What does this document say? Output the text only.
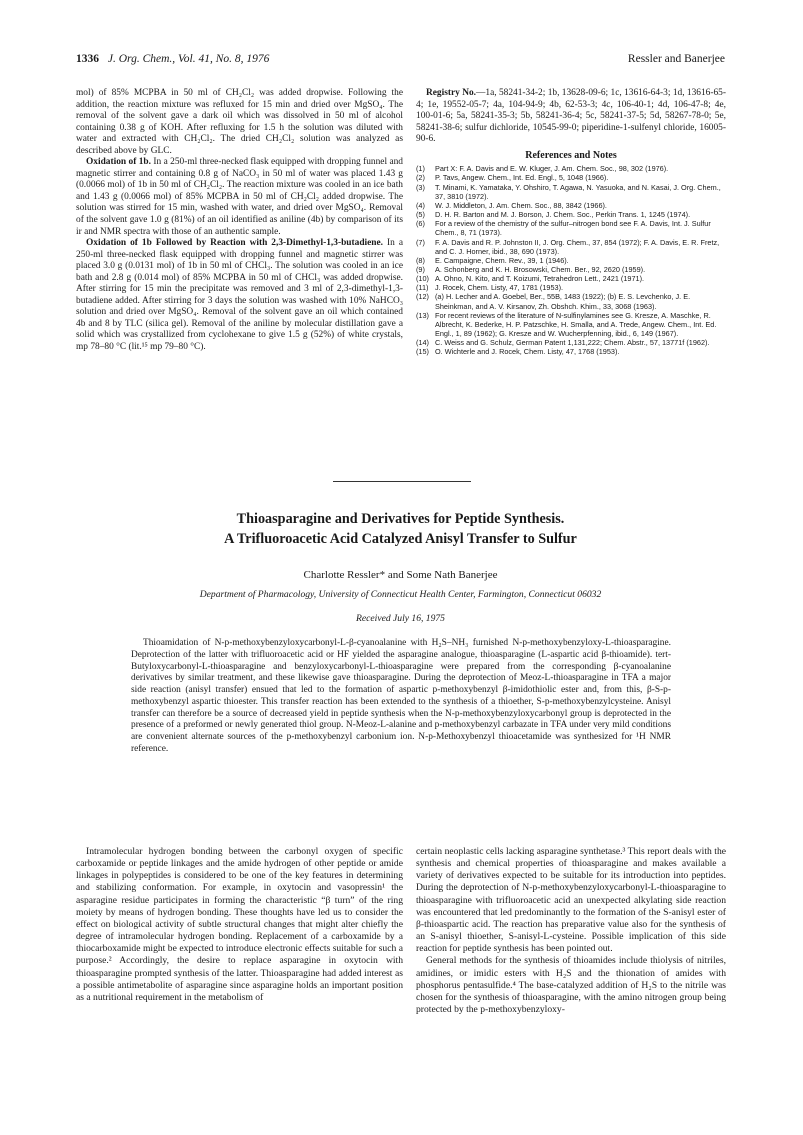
1336 J. Org. Chem., Vol. 41, No. 8, 1976	Ressler and Banerjee

mol) of 85% MCPBA in 50 ml of CH₂Cl₂ was added dropwise. Following the addition, the reaction mixture was refluxed for 15 min and dried over MgSO₄. The removal of the solvent gave a dark oil which was dissolved in 50 ml of alcohol containing 0.38 g of KOH. After refluxing for 1.5 h the solution was diluted with water and extracted with CH₂Cl₂. The dried CH₂Cl₂ solution was analyzed as described above by GLC.

Oxidation of 1b. In a 250-ml three-necked flask equipped with dropping funnel and magnetic stirrer and containing 0.8 g of NaCO₃ in 50 ml of water was placed 1.43 g (0.0066 mol) of 1b in 50 ml of CH₂Cl₂. The reaction mixture was cooled in an ice bath and 1.43 g (0.0066 mol) of 85% MCPBA in 50 ml of CH₂Cl₂ added dropwise. The solution was stirred for 15 min, washed with water, and dried over MgSO₄. Removal of the solvent gave 1.0 g (81%) of an oil identified as aniline (4b) by comparison of its ir and NMR spectra with those of an authentic sample.

Oxidation of 1b Followed by Reaction with 2,3-Dimethyl-1,3-butadiene. In a 250-ml three-necked flask equipped with dropping funnel and magnetic stirrer was placed 3.0 g (0.0131 mol) of 1b in 50 ml of CHCl₃. The solution was cooled in an ice bath and 2.8 g (0.014 mol) of 85% MCPBA in 50 ml of CHCl₃ was added dropwise. After stirring for 15 min the precipitate was removed and 3 ml of 2,3-dimethyl-1,3-butadiene added. After stirring for 3 days the solution was washed with 10% NaHCO₃ solution and dried over MgSO₄. Removal of the solvent gave an oil which contained 4b and 8 by TLC (silica gel). Removal of the aniline by molecular distillation gave a solid which was crystallized from cyclohexane to give 1.5 g (52%) of white crystals, mp 78–80 °C (lit.¹⁵ mp 79–80 °C).

Registry No.—1a, 58241-34-2; 1b, 13628-09-6; 1c, 13616-64-3; 1d, 13616-65-4; 1e, 19552-05-7; 4a, 104-94-9; 4b, 62-53-3; 4c, 106-40-1; 4d, 106-47-8; 4e, 100-01-6; 5a, 58241-35-3; 5b, 58241-36-4; 5c, 58241-37-5; 5d, 58267-78-0; 5e, 58241-38-6; sulfur dichloride, 10545-99-0; piperidine-1-sulfenyl chloride, 16005-90-6.

References and Notes
(1)	Part X: F. A. Davis and E. W. Kluger, J. Am. Chem. Soc., 98, 302 (1976).
(2)	P. Tavs, Angew. Chem., Int. Ed. Engl., 5, 1048 (1966).
(3)	T. Minami, K. Yamataka, Y. Ohshiro, T. Agawa, N. Yasuoka, and N. Kasai, J. Org. Chem., 37, 3810 (1972).
(4)	W. J. Middleton, J. Am. Chem. Soc., 88, 3842 (1966).
(5)	D. H. R. Barton and M. J. Borson, J. Chem. Soc., Perkin Trans. 1, 1245 (1974).
(6)	For a review of the chemistry of the sulfur–nitrogen bond see F. A. Davis, Int. J. Sulfur Chem., 8, 71 (1973).
(7)	F. A. Davis and R. P. Johnston II, J. Org. Chem., 37, 854 (1972); F. A. Davis, E. R. Fretz, and C. J. Horner, ibid., 38, 690 (1973).
(8)	E. Campaigne, Chem. Rev., 39, 1 (1946).
(9)	A. Schonberg and K. H. Brosowski, Chem. Ber., 92, 2620 (1959).
(10) A. Ohno, N. Kito, and T. Koizumi, Tetrahedron Lett., 2421 (1971).
(11) J. Rocek, Chem. Listy, 47, 1781 (1953).
(12) (a) H. Lecher and A. Goebel, Ber., 55B, 1483 (1922); (b) E. S. Levchenko, J. E. Sheinkman, and A. V. Kirsanov, Zh. Obshch. Khim., 33, 3068 (1963).
(13) For recent reviews of the literature of N-sulfinylamines see G. Kresze, A. Maschke, R. Albrecht, K. Bederke, H. P. Patzschke, H. Smalla, and A. Trede, Angew. Chem., Int. Ed. Engl., 1, 89 (1962); G. Kresze and W. Wucherpfenning, ibid., 6, 149 (1967).
(14) C. Weiss and G. Schulz, German Patent 1,131,222; Chem. Abstr., 57, 13771f (1962).
(15) O. Wichterle and J. Rocek, Chem. Listy, 47, 1768 (1953).
Thioasparagine and Derivatives for Peptide Synthesis.
A Trifluoroacetic Acid Catalyzed Anisyl Transfer to Sulfur
Charlotte Ressler* and Some Nath Banerjee
Department of Pharmacology, University of Connecticut Health Center, Farmington, Connecticut 06032
Received July 16, 1975
Thioamidation of N-p-methoxybenzyloxycarbonyl-L-β-cyanoalanine with H₂S–NH₃ furnished N-p-methoxybenzyloxy-L-thioasparagine. Deprotection of the latter with trifluoroacetic acid or HF yielded the asparagine analogue, thioasparagine (L-aspartic acid β-thioamide). tert-Butyloxycarbonyl-L-thioasparagine and benzyloxycarbonyl-L-thioasparagine were prepared from the corresponding β-cyanoalanine derivatives by similar treatment, and these likewise gave thioasparagine. During the deprotection of Meoz-L-thioasparagine in TFA a major side reaction (anisyl transfer) ensued that led to the formation of aspartic p-methoxybenzyl β-imidothiolic ester and, from this, β-S-p-methoxybenzyl aspartic thioester. This transfer reaction has been extended to the synthesis of a thioether, S-p-methoxybenzylcysteine. Anisyl transfer can therefore be a source of decreased yield in peptide synthesis when the N-p-methoxybenzyloxycarbonyl group is deprotected in the presence of a preformed or newly generated thiol group. N-Meoz-L-alanine and p-methoxybenzyl carbazate in TFA under very mild conditions are convenient alternate sources of the p-methoxybenzyl carbonium ion. N-p-Methoxybenzyl thioacetamide was synthesized for ¹H NMR reference.

Intramolecular hydrogen bonding between the carbonyl oxygen of specific carboxamide or peptide linkages and the amide hydrogen of other peptide or amide linkages in polypeptides is considered to be one of the key features in determining and stabilizing conformation. For example, in oxytocin and vasopressin¹ the asparagine residue participates in forming the characteristic “β turn” of the ring moiety by means of hydrogen bonding. These thoughts have led us to consider the effect on biological activity of subtle structural changes that might alter chiefly the degree of intramolecular hydrogen bonding. Replacement of a carboxamide by a thiocarboxamide might be expected to introduce electronic effects suitable for such a purpose.² Accordingly, the desire to replace asparagine in oxytocin with thioasparagine prompted synthesis of the latter. Thioasparagine had added interest as a possible antimetabolite of asparagine since asparagine holds an important position as a nutritional requirement in the metabolism of

certain neoplastic cells lacking asparagine synthetase.³ This report deals with the synthesis and chemical properties of thioasparagine and makes available a variety of derivatives expected to be suitable for its introduction into peptides. During the deprotection of N-p-methoxybenzyloxycarbonyl-L-thioasparagine to thioasparagine with trifluoroacetic acid an unexpected alkylating side reaction was encountered that led predominantly to the formation of the S-anisyl ester of β-thioaspartic acid. The reaction has preparative value also for the synthesis of an S-anisyl thioether, S-anisyl-L-cysteine. Possible implication of this side reaction for peptide synthesis has been pointed out.

General methods for the synthesis of thioamides include thiolysis of nitriles, amidines, or imidic esters with H₂S and the thionation of amides with phosphorus pentasulfide.⁴ The base-catalyzed addition of H₂S to the nitrile was chosen for the synthesis of thioasparagine, with the amino nitrogen group being protected by the p-methoxybenzyloxy-
